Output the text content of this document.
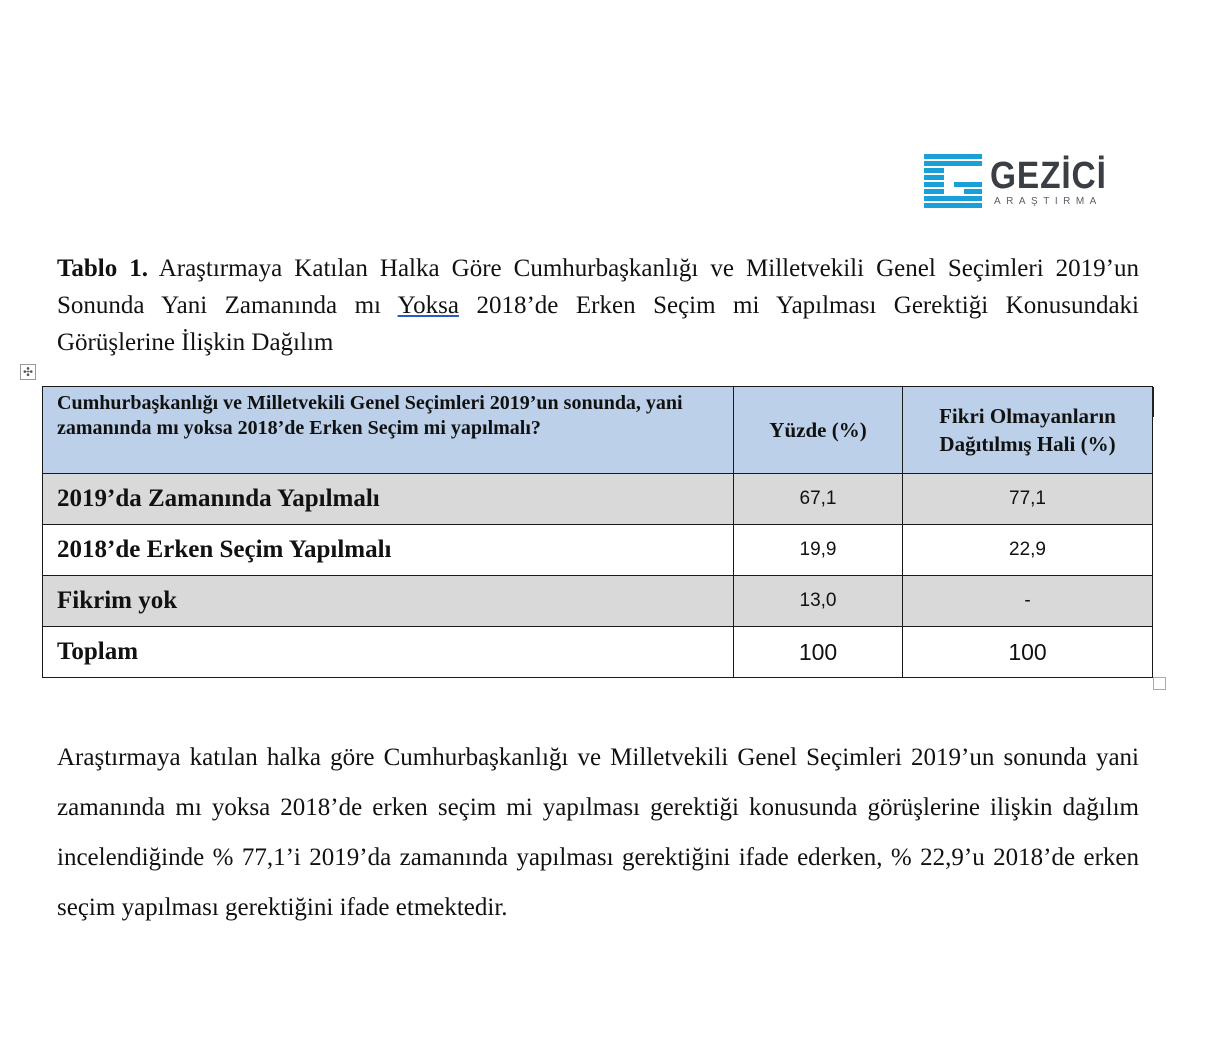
GEZİCİ
ARAŞTIRMA
Tablo 1. Araştırmaya Katılan Halka Göre Cumhurbaşkanlığı ve Milletvekili Genel Seçimleri 2019’un Sonunda Yani Zamanında mı Yoksa 2018’de Erken Seçim mi Yapılması Gerektiği Konusundaki Görüşlerine İlişkin Dağılım
✣
Cumhurbaşkanlığı ve Milletvekili Genel Seçimleri 2019’un sonunda, yani zamanında mı yoksa 2018’de Erken Seçim mi yapılmalı?	Yüzde (%)	Fikri Olmayanların Dağıtılmış Hali (%)
2019’da Zamanında Yapılmalı	67,1	77,1
2018’de Erken Seçim Yapılmalı	19,9	22,9
Fikrim yok	13,0	-
Toplam	100	100
Araştırmaya katılan halka göre Cumhurbaşkanlığı ve Milletvekili Genel Seçimleri 2019’un sonunda yani zamanında mı yoksa 2018’de erken seçim mi yapılması gerektiği konusunda görüşlerine ilişkin dağılım incelendiğinde % 77,1’i 2019’da zamanında yapılması gerektiğini ifade ederken, % 22,9’u 2018’de erken seçim yapılması gerektiğini ifade etmektedir.
